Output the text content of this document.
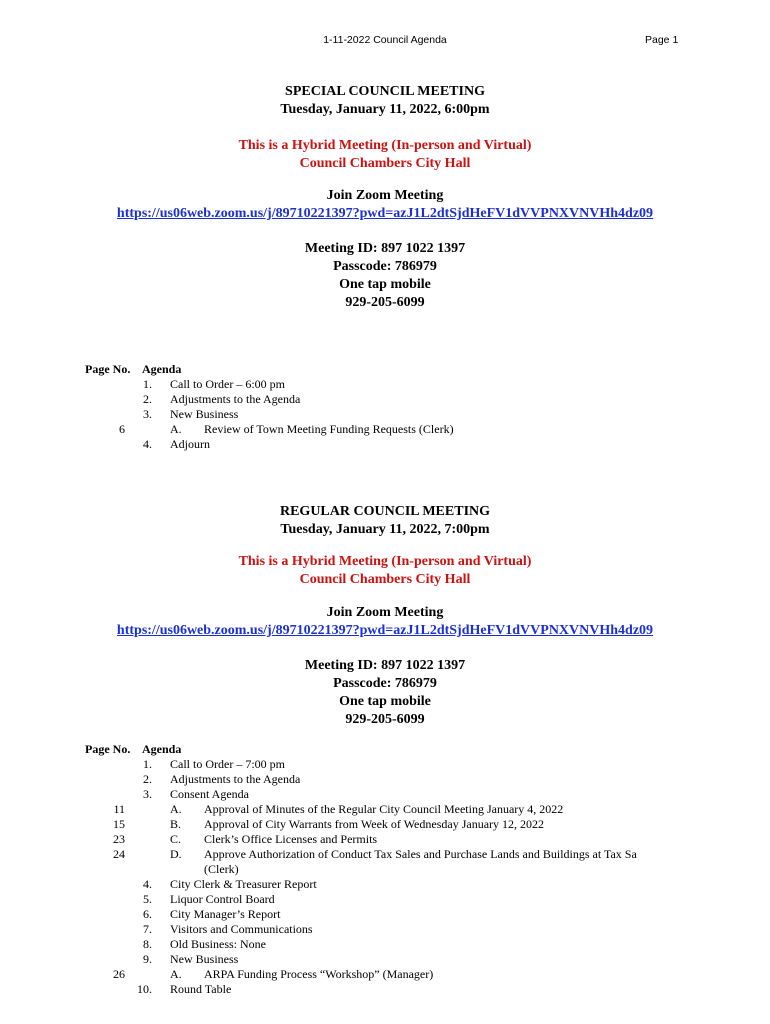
1-11-2022 Council Agenda	Page 1
SPECIAL COUNCIL MEETING
Tuesday, January 11, 2022, 6:00pm
This is a Hybrid Meeting (In-person and Virtual)
Council Chambers City Hall
Join Zoom Meeting
https://us06web.zoom.us/j/89710221397?pwd=azJ1L2dtSjdHeFV1dVVPNXVNVHh4dz09
Meeting ID: 897 1022 1397
Passcode: 786979
One tap mobile
929-205-6099
Page No. Agenda
1. Call to Order – 6:00 pm
2. Adjustments to the Agenda
3. New Business
6	A. Review of Town Meeting Funding Requests (Clerk)
4. Adjourn
REGULAR COUNCIL MEETING
Tuesday, January 11, 2022, 7:00pm
This is a Hybrid Meeting (In-person and Virtual)
Council Chambers City Hall
Join Zoom Meeting
https://us06web.zoom.us/j/89710221397?pwd=azJ1L2dtSjdHeFV1dVVPNXVNVHh4dz09
Meeting ID: 897 1022 1397
Passcode: 786979
One tap mobile
929-205-6099
Page No. Agenda
1. Call to Order – 7:00 pm
2. Adjustments to the Agenda
3. Consent Agenda
11	A. Approval of Minutes of the Regular City Council Meeting January 4, 2022
15	B. Approval of City Warrants from Week of Wednesday January 12, 2022
23	C. Clerk’s Office Licenses and Permits
24	D. Approve Authorization of Conduct Tax Sales and Purchase Lands and Buildings at Tax Sa
(Clerk)
4. City Clerk & Treasurer Report
5. Liquor Control Board
6. City Manager’s Report
7. Visitors and Communications
8. Old Business: None
9. New Business
26	A. ARPA Funding Process “Workshop” (Manager)
10. Round Table
